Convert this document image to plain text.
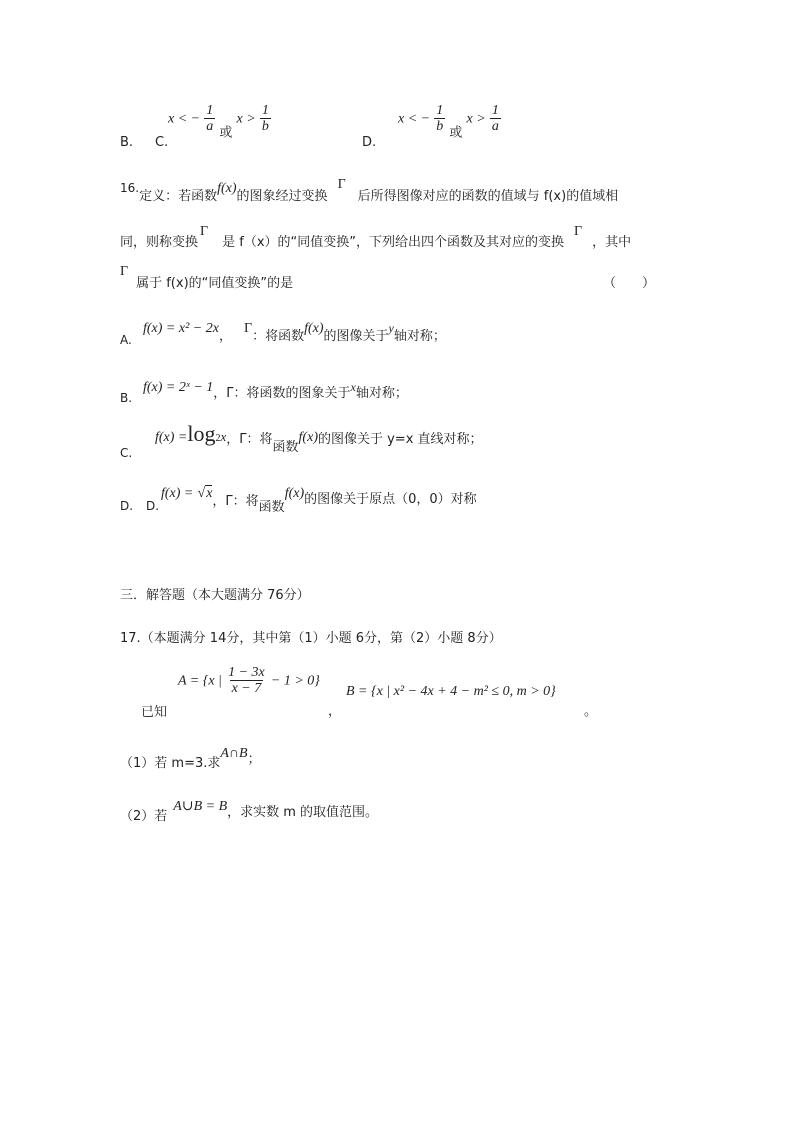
B. C.
x < − $\frac{1}{a}$ 或 $x > \frac{1}{b}$
D.
x < − $\frac{1}{b}$ 或 $x > \frac{1}{a}$
16.定义：若函数f(x)的图象经过变换Γ后所得图像对应的函数的值域与 f(x)的值域相
同，则称变换Γ是 f（x）的“同值变换”，下列给出四个函数及其对应的变换Γ，其中
Γ属于 f(x)的“同值变换”的是	（　　）
A.
f(x) = x² − 2x，Γ：将函数f(x)的图像关于y轴对称；
B.
f(x) = 2ˣ − 1，Γ：将函数的图象关于x轴对称；
C.
f(x) =log2x，Γ：将函数f(x)的图像关于 y=x 直线对称；
D. D.
f(x) = √x，Γ：将函数f(x)的图像关于原点（0，0）对称
三．解答题（本大题满分 76分）
17.（本题满分 14分，其中第（1）小题 6分，第（2）小题 8分）
A = {x | $\frac{1 - 3x}{x - 7} - 1 > 0$}
已知	，
B = {x | x² − 4x + 4 − m² ≤ 0, m > 0}
。
（1）若 m=3.求A∩B；
（2）若A∪B = B，求实数 m 的取值范围。
